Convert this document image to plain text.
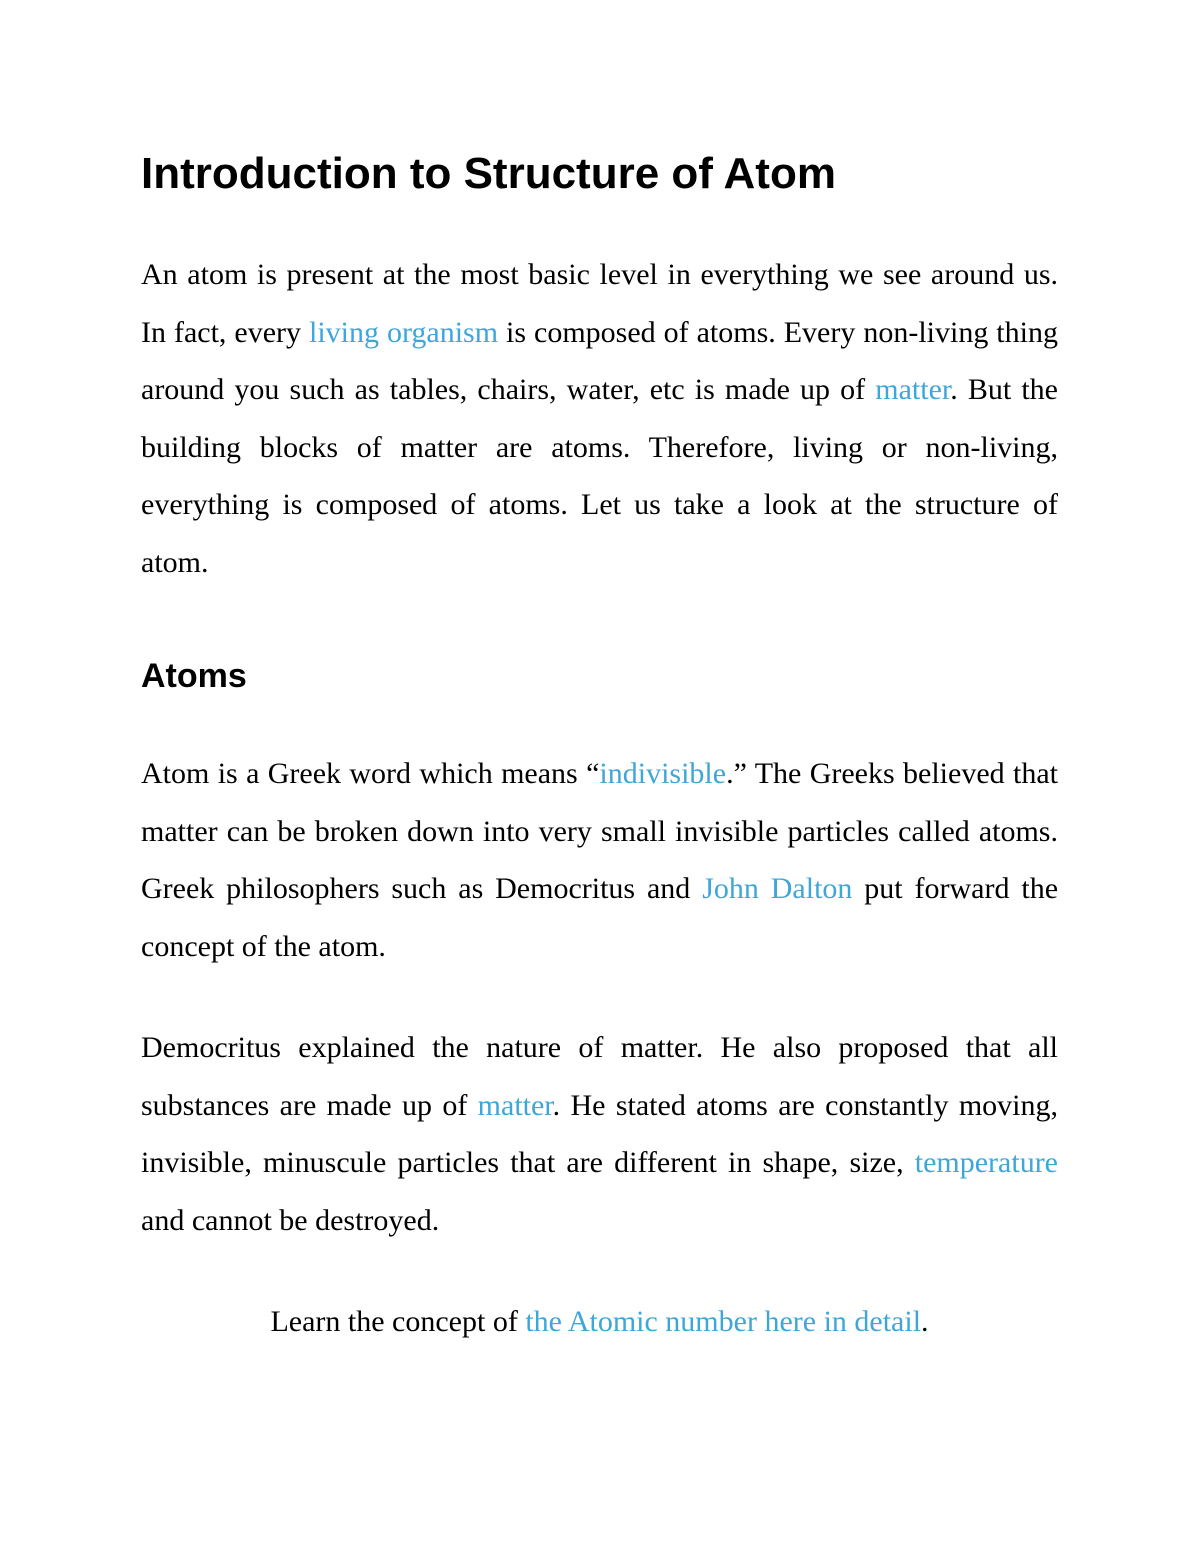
Introduction to Structure of Atom

An atom is present at the most basic level in everything we see around us. In fact, every living organism is composed of atoms. Every non-living thing around you such as tables, chairs, water, etc is made up of matter. But the building blocks of matter are atoms. Therefore, living or non-living, everything is composed of atoms. Let us take a look at the structure of atom.

Atoms

Atom is a Greek word which means “indivisible.” The Greeks believed that matter can be broken down into very small invisible particles called atoms. Greek philosophers such as Democritus and John Dalton put forward the concept of the atom.

Democritus explained the nature of matter. He also proposed that all substances are made up of matter. He stated atoms are constantly moving, invisible, minuscule particles that are different in shape, size, temperature and cannot be destroyed.

Learn the concept of the Atomic number here in detail.
